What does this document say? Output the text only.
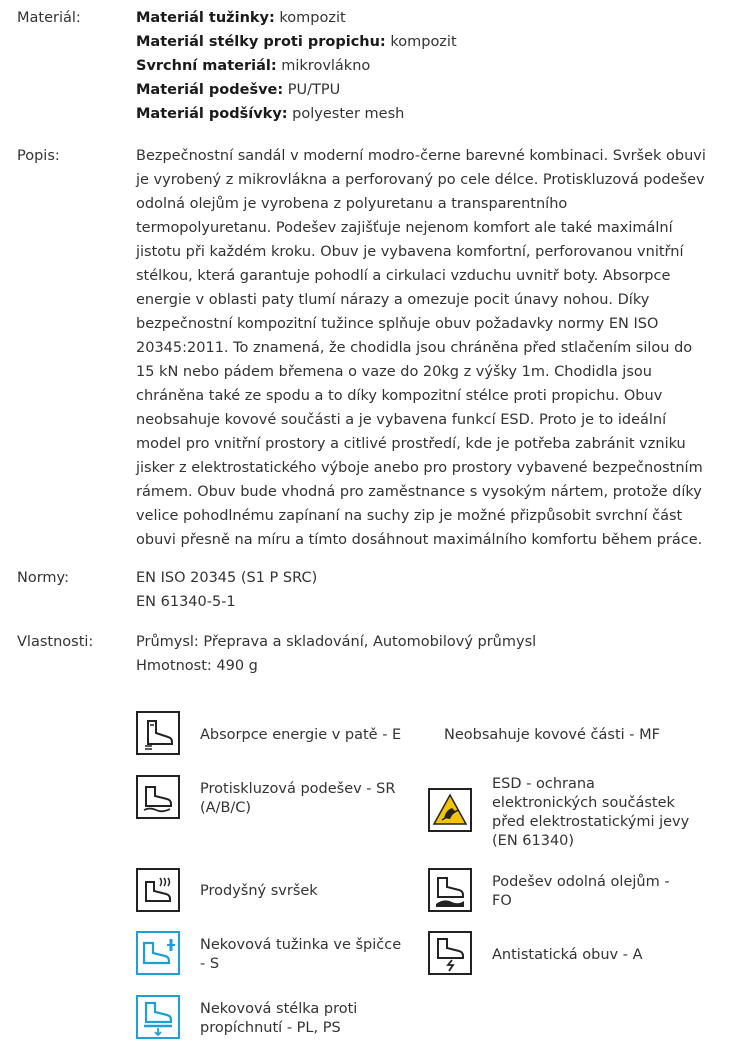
Materiál:	Materiál tužinky: kompozit
Materiál stélky proti propichu: kompozit
Svrchní materiál: mikrovlákno
Materiál podešve: PU/TPU
Materiál podšívky: polyester mesh
Popis:	Bezpečnostní sandál v moderní modro-černe barevné kombinaci. Svršek obuvi
je vyrobený z mikrovlákna a perforovaný po cele délce. Protiskluzová podešev
odolná olejům je vyrobena z polyuretanu a transparentního
termopolyuretanu. Podešev zajišťuje nejenom komfort ale také maximální
jistotu při každém kroku. Obuv je vybavena komfortní, perforovanou vnitřní
stélkou, která garantuje pohodlí a cirkulaci vzduchu uvnitř boty. Absorpce
energie v oblasti paty tlumí nárazy a omezuje pocit únavy nohou. Díky
bezpečnostní kompozitní tužince splňuje obuv požadavky normy EN ISO
20345:2011. To znamená, že chodidla jsou chráněna před stlačením silou do
15 kN nebo pádem břemena o vaze do 20kg z výšky 1m. Chodidla jsou
chráněna také ze spodu a to díky kompozitní stélce proti propichu. Obuv
neobsahuje kovové součásti a je vybavena funkcí ESD. Proto je to ideální
model pro vnitřní prostory a citlivé prostředí, kde je potřeba zabránit vzniku
jisker z elektrostatického výboje anebo pro prostory vybavené bezpečnostním
rámem. Obuv bude vhodná pro zaměstnance s vysokým nártem, protože díky
velice pohodlnému zapínaní na suchy zip je možné přizpůsobit svrchní část
obuvi přesně na míru a tímto dosáhnout maximálního komfortu během práce.
Normy:	EN ISO 20345 (S1 P SRC)
EN 61340-5-1
Vlastnosti:	Průmysl: Přeprava a skladování, Automobilový průmysl
Hmotnost: 490 g
Absorpce energie v patě - E	Neobsahuje kovové části - MF
Protiskluzová podešev - SR
(A/B/C)
ESD - ochrana
elektronických součástek
před elektrostatickými jevy
(EN 61340)
Prodyšný svršek
Podešev odolná olejům -
FO
Nekovová tužinka ve špičce
- S
Antistatická obuv - A
Nekovová stélka proti
propíchnutí - PL, PS
